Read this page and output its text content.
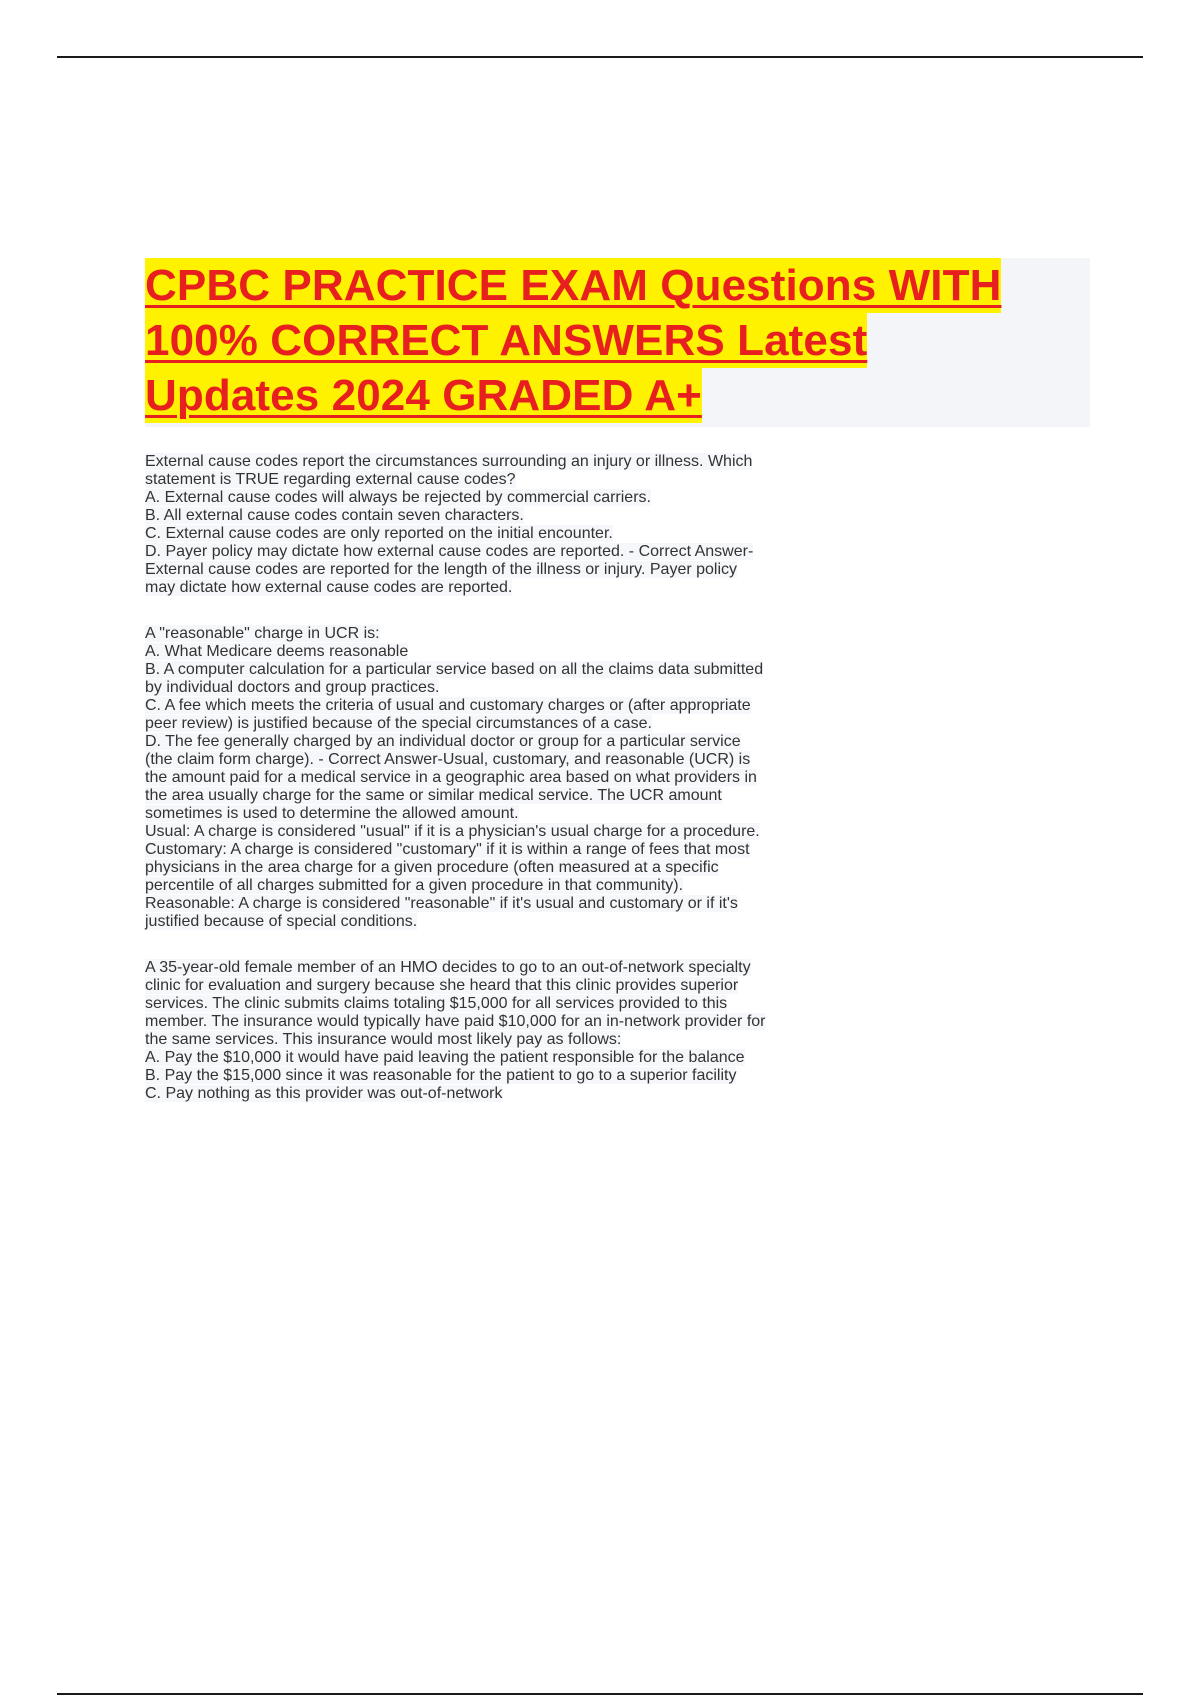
CPBC PRACTICE EXAM Questions WITH
100% CORRECT ANSWERS Latest
Updates 2024 GRADED A+
External cause codes report the circumstances surrounding an injury or illness. Which
statement is TRUE regarding external cause codes?
A. External cause codes will always be rejected by commercial carriers.
B. All external cause codes contain seven characters.
C. External cause codes are only reported on the initial encounter.
D. Payer policy may dictate how external cause codes are reported. - Correct Answer-
External cause codes are reported for the length of the illness or injury. Payer policy
may dictate how external cause codes are reported.
A "reasonable" charge in UCR is:
A. What Medicare deems reasonable
B. A computer calculation for a particular service based on all the claims data submitted
by individual doctors and group practices.
C. A fee which meets the criteria of usual and customary charges or (after appropriate
peer review) is justified because of the special circumstances of a case.
D. The fee generally charged by an individual doctor or group for a particular service
(the claim form charge). - Correct Answer-Usual, customary, and reasonable (UCR) is
the amount paid for a medical service in a geographic area based on what providers in
the area usually charge for the same or similar medical service. The UCR amount
sometimes is used to determine the allowed amount.
Usual: A charge is considered "usual" if it is a physician's usual charge for a procedure.
Customary: A charge is considered "customary" if it is within a range of fees that most
physicians in the area charge for a given procedure (often measured at a specific
percentile of all charges submitted for a given procedure in that community).
Reasonable: A charge is considered "reasonable" if it's usual and customary or if it's
justified because of special conditions.
A 35-year-old female member of an HMO decides to go to an out-of-network specialty
clinic for evaluation and surgery because she heard that this clinic provides superior
services. The clinic submits claims totaling $15,000 for all services provided to this
member. The insurance would typically have paid $10,000 for an in-network provider for
the same services. This insurance would most likely pay as follows:
A. Pay the $10,000 it would have paid leaving the patient responsible for the balance
B. Pay the $15,000 since it was reasonable for the patient to go to a superior facility
C. Pay nothing as this provider was out-of-network
